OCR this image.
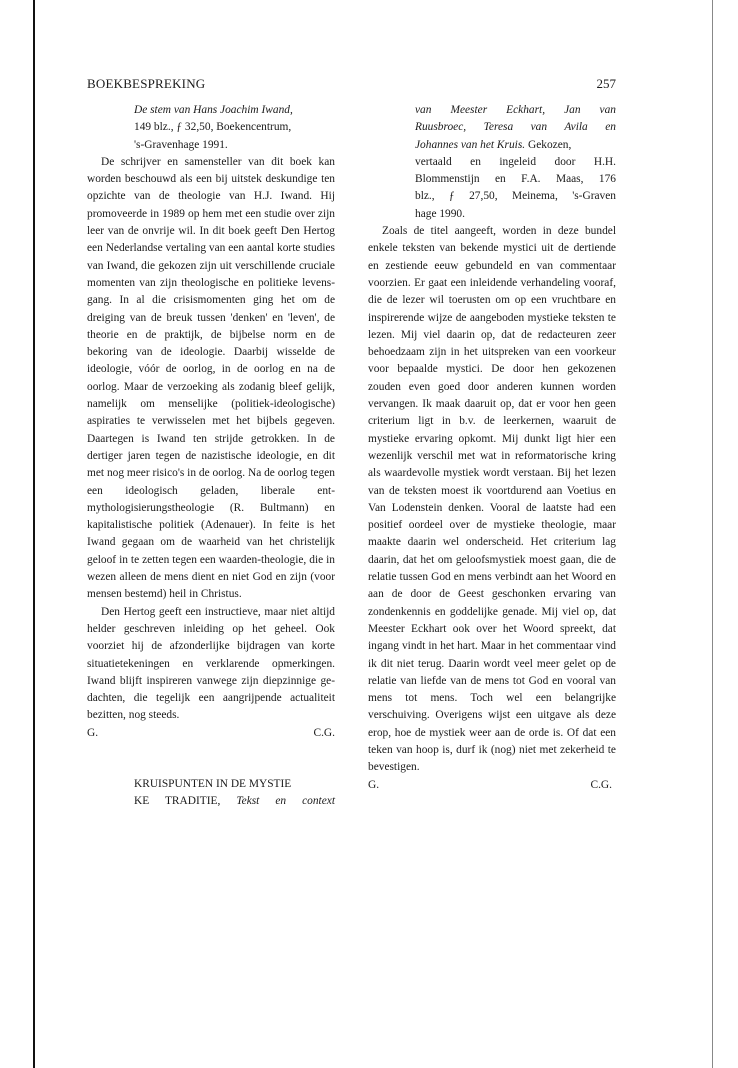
BOEKBESPREKING	257
De stem van Hans Joachim Iwand,
149 blz., ƒ 32,50, Boekencentrum,
's-Gravenhage 1991.

De schrijver en samensteller van dit boek kan worden beschouwd als een bij uitstek deskundige ten opzichte van de theologie van H.J. Iwand. Hij promoveerde in 1989 op hem met een studie over zijn leer van de onvrije wil. In dit boek geeft Den Hertog een Nederlandse vertaling van een aantal korte studies van Iwand, die gekozen zijn uit verschillende cruciale momenten van zijn theologische en politieke levensgang. In al die crisismomenten ging het om de dreiging van de breuk tussen 'denken' en 'leven', de theorie en de praktijk, de bijbelse norm en de bekoring van de ideologie. Daarbij wisselde de ideologie, vóór de oorlog, in de oorlog en na de oorlog. Maar de verzoeking als zodanig bleef gelijk, namelijk om menselijke (politiek-ideologische) aspiraties te verwisselen met het bijbels gegeven. Daartegen is Iwand ten strijde getrokken. In de dertiger jaren tegen de nazistische ideologie, en dit met nog meer risico's in de oorlog. Na de oorlog tegen een ideologisch geladen, liberale entmythologisierungstheologie (R. Bultmann) en kapitalistische politiek (Adenauer). In feite is het Iwand gegaan om de waarheid van het christelijk geloof in te zetten tegen een waarden-theologie, die in wezen alleen de mens dient en niet God en zijn (voor mensen bestemd) heil in Christus.

Den Hertog geeft een instructieve, maar niet altijd helder geschreven inleiding op het geheel. Ook voorziet hij de afzonderlijke bijdragen van korte situatietekeningen en verklarende opmerkingen. Iwand blijft inspireren vanwege zijn diepzinnige gedachten, die tegelijk een aangrijpende actualiteit bezitten, nog steeds.

G.	C.G.
KRUISPUNTEN IN DE MYSTIE
KE TRADITIE, Tekst en context
van Meester Eckhart, Jan van
Ruusbroec, Teresa van Avila en
Johannes van het Kruis. Gekozen,
vertaald en ingeleid door H.H.
Blommenstijn en F.A. Maas, 176
blz., ƒ 27,50, Meinema, 's-Graven
hage 1990.

Zoals de titel aangeeft, worden in deze bundel enkele teksten van bekende mystici uit de dertiende en zestiende eeuw gebundeld en van commentaar voorzien. Er gaat een inleidende verhandeling vooraf, die de lezer wil toerusten om op een vruchtbare en inspirerende wijze de aangeboden mystieke teksten te lezen. Mij viel daarin op, dat de redacteuren zeer behoedzaam zijn in het uitspreken van een voorkeur voor bepaalde mystici. De door hen gekozenen zouden even goed door anderen kunnen worden vervangen. Ik maak daaruit op, dat er voor hen geen criterium ligt in b.v. de leerkernen, waaruit de mystieke ervaring opkomt. Mij dunkt ligt hier een wezenlijk verschil met wat in reformatorische kring als waardevolle mystiek wordt verstaan. Bij het lezen van de teksten moest ik voortdurend aan Voetius en Van Lodenstein denken. Vooral de laatste had een positief oordeel over de mystieke theologie, maar maakte daarin wel onderscheid. Het criterium lag daarin, dat het om geloofsmystiek moest gaan, die de relatie tussen God en mens verbindt aan het Woord en aan de door de Geest geschonken ervaring van zondenkennis en goddelijke genade. Mij viel op, dat Meester Eckhart ook over het Woord spreekt, dat ingang vindt in het hart. Maar in het commentaar vind ik dit niet terug. Daarin wordt veel meer gelet op de relatie van liefde van de mens tot God en vooral van mens tot mens. Toch wel een belangrijke verschuiving. Overigens wijst een uitgave als deze erop, hoe de mystiek weer aan de orde is. Of dat een teken van hoop is, durf ik (nog) niet met zekerheid te bevestigen.

G.	C.G.
